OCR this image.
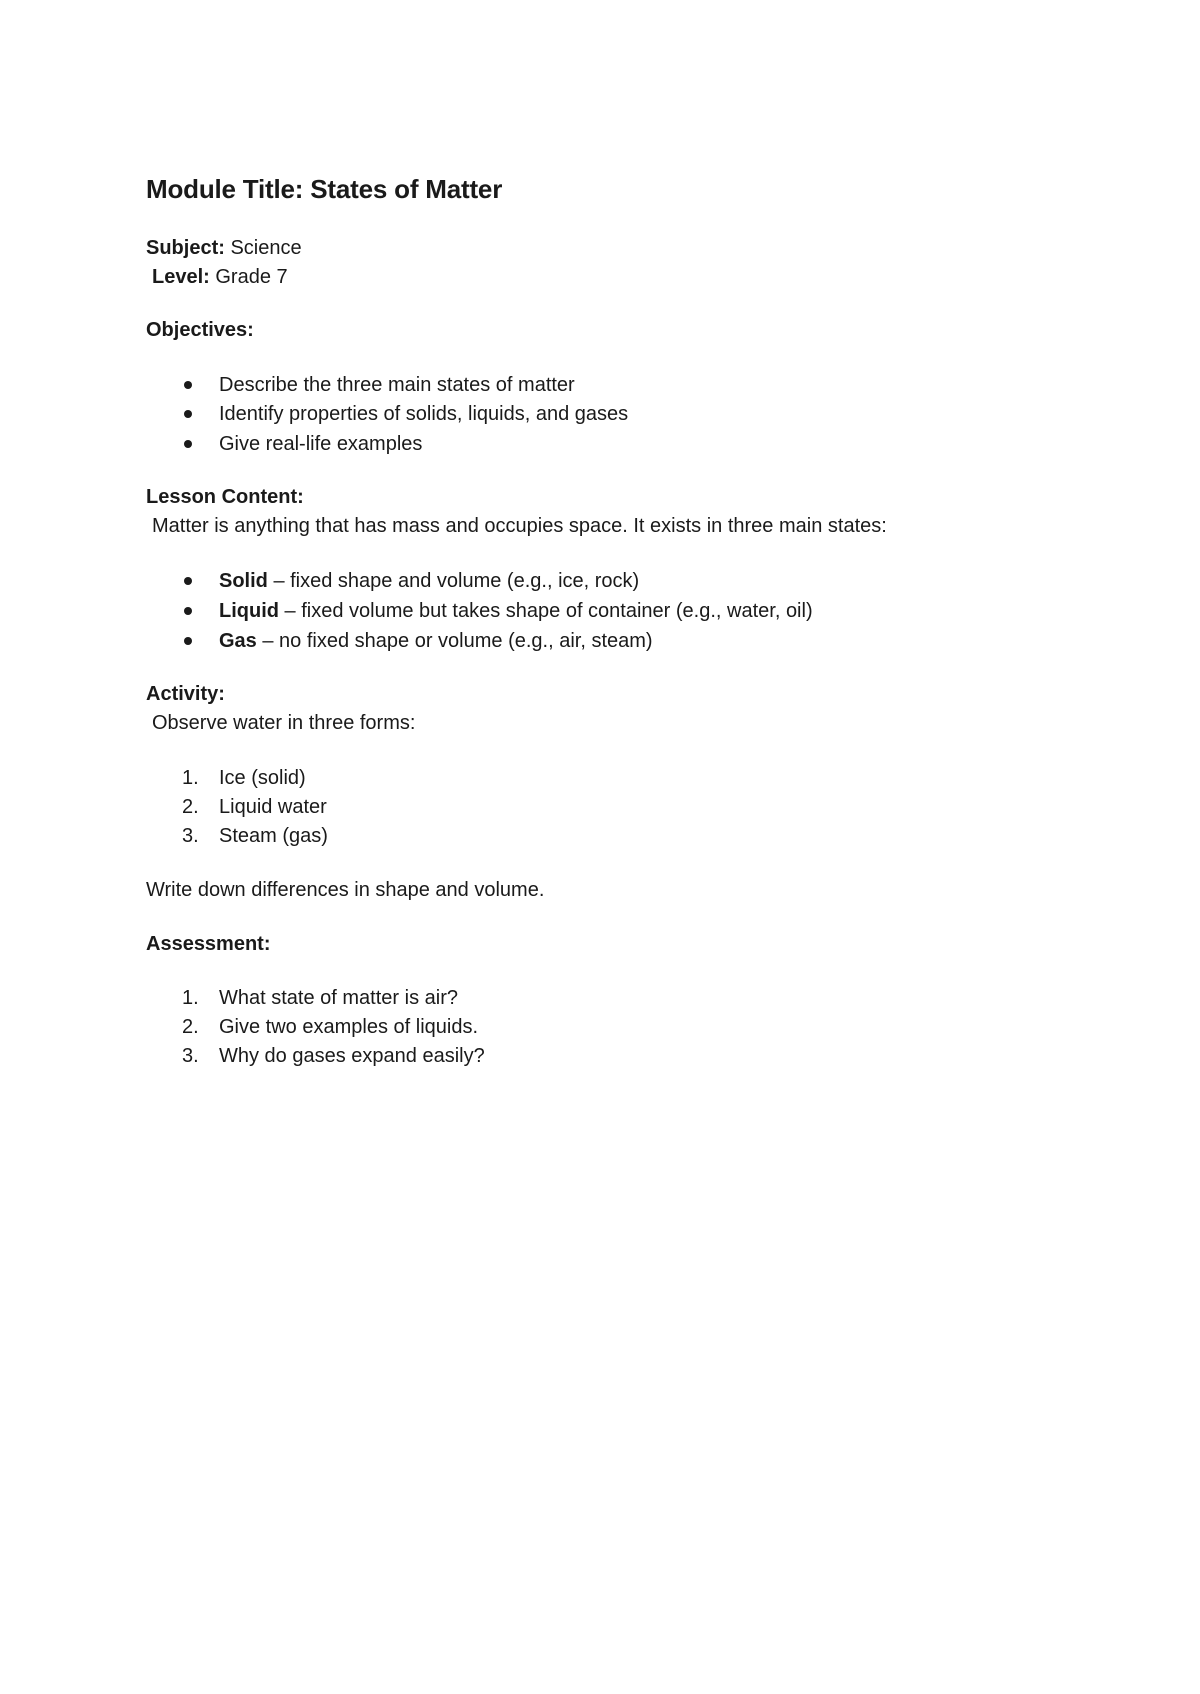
Module Title: States of Matter
Subject: Science
Level: Grade 7
Objectives:
Describe the three main states of matter
Identify properties of solids, liquids, and gases
Give real-life examples
Lesson Content:
Matter is anything that has mass and occupies space. It exists in three main states:
Solid – fixed shape and volume (e.g., ice, rock)
Liquid – fixed volume but takes shape of container (e.g., water, oil)
Gas – no fixed shape or volume (e.g., air, steam)
Activity:
Observe water in three forms:
1. Ice (solid)
2. Liquid water
3. Steam (gas)
Write down differences in shape and volume.
Assessment:
1. What state of matter is air?
2. Give two examples of liquids.
3. Why do gases expand easily?
